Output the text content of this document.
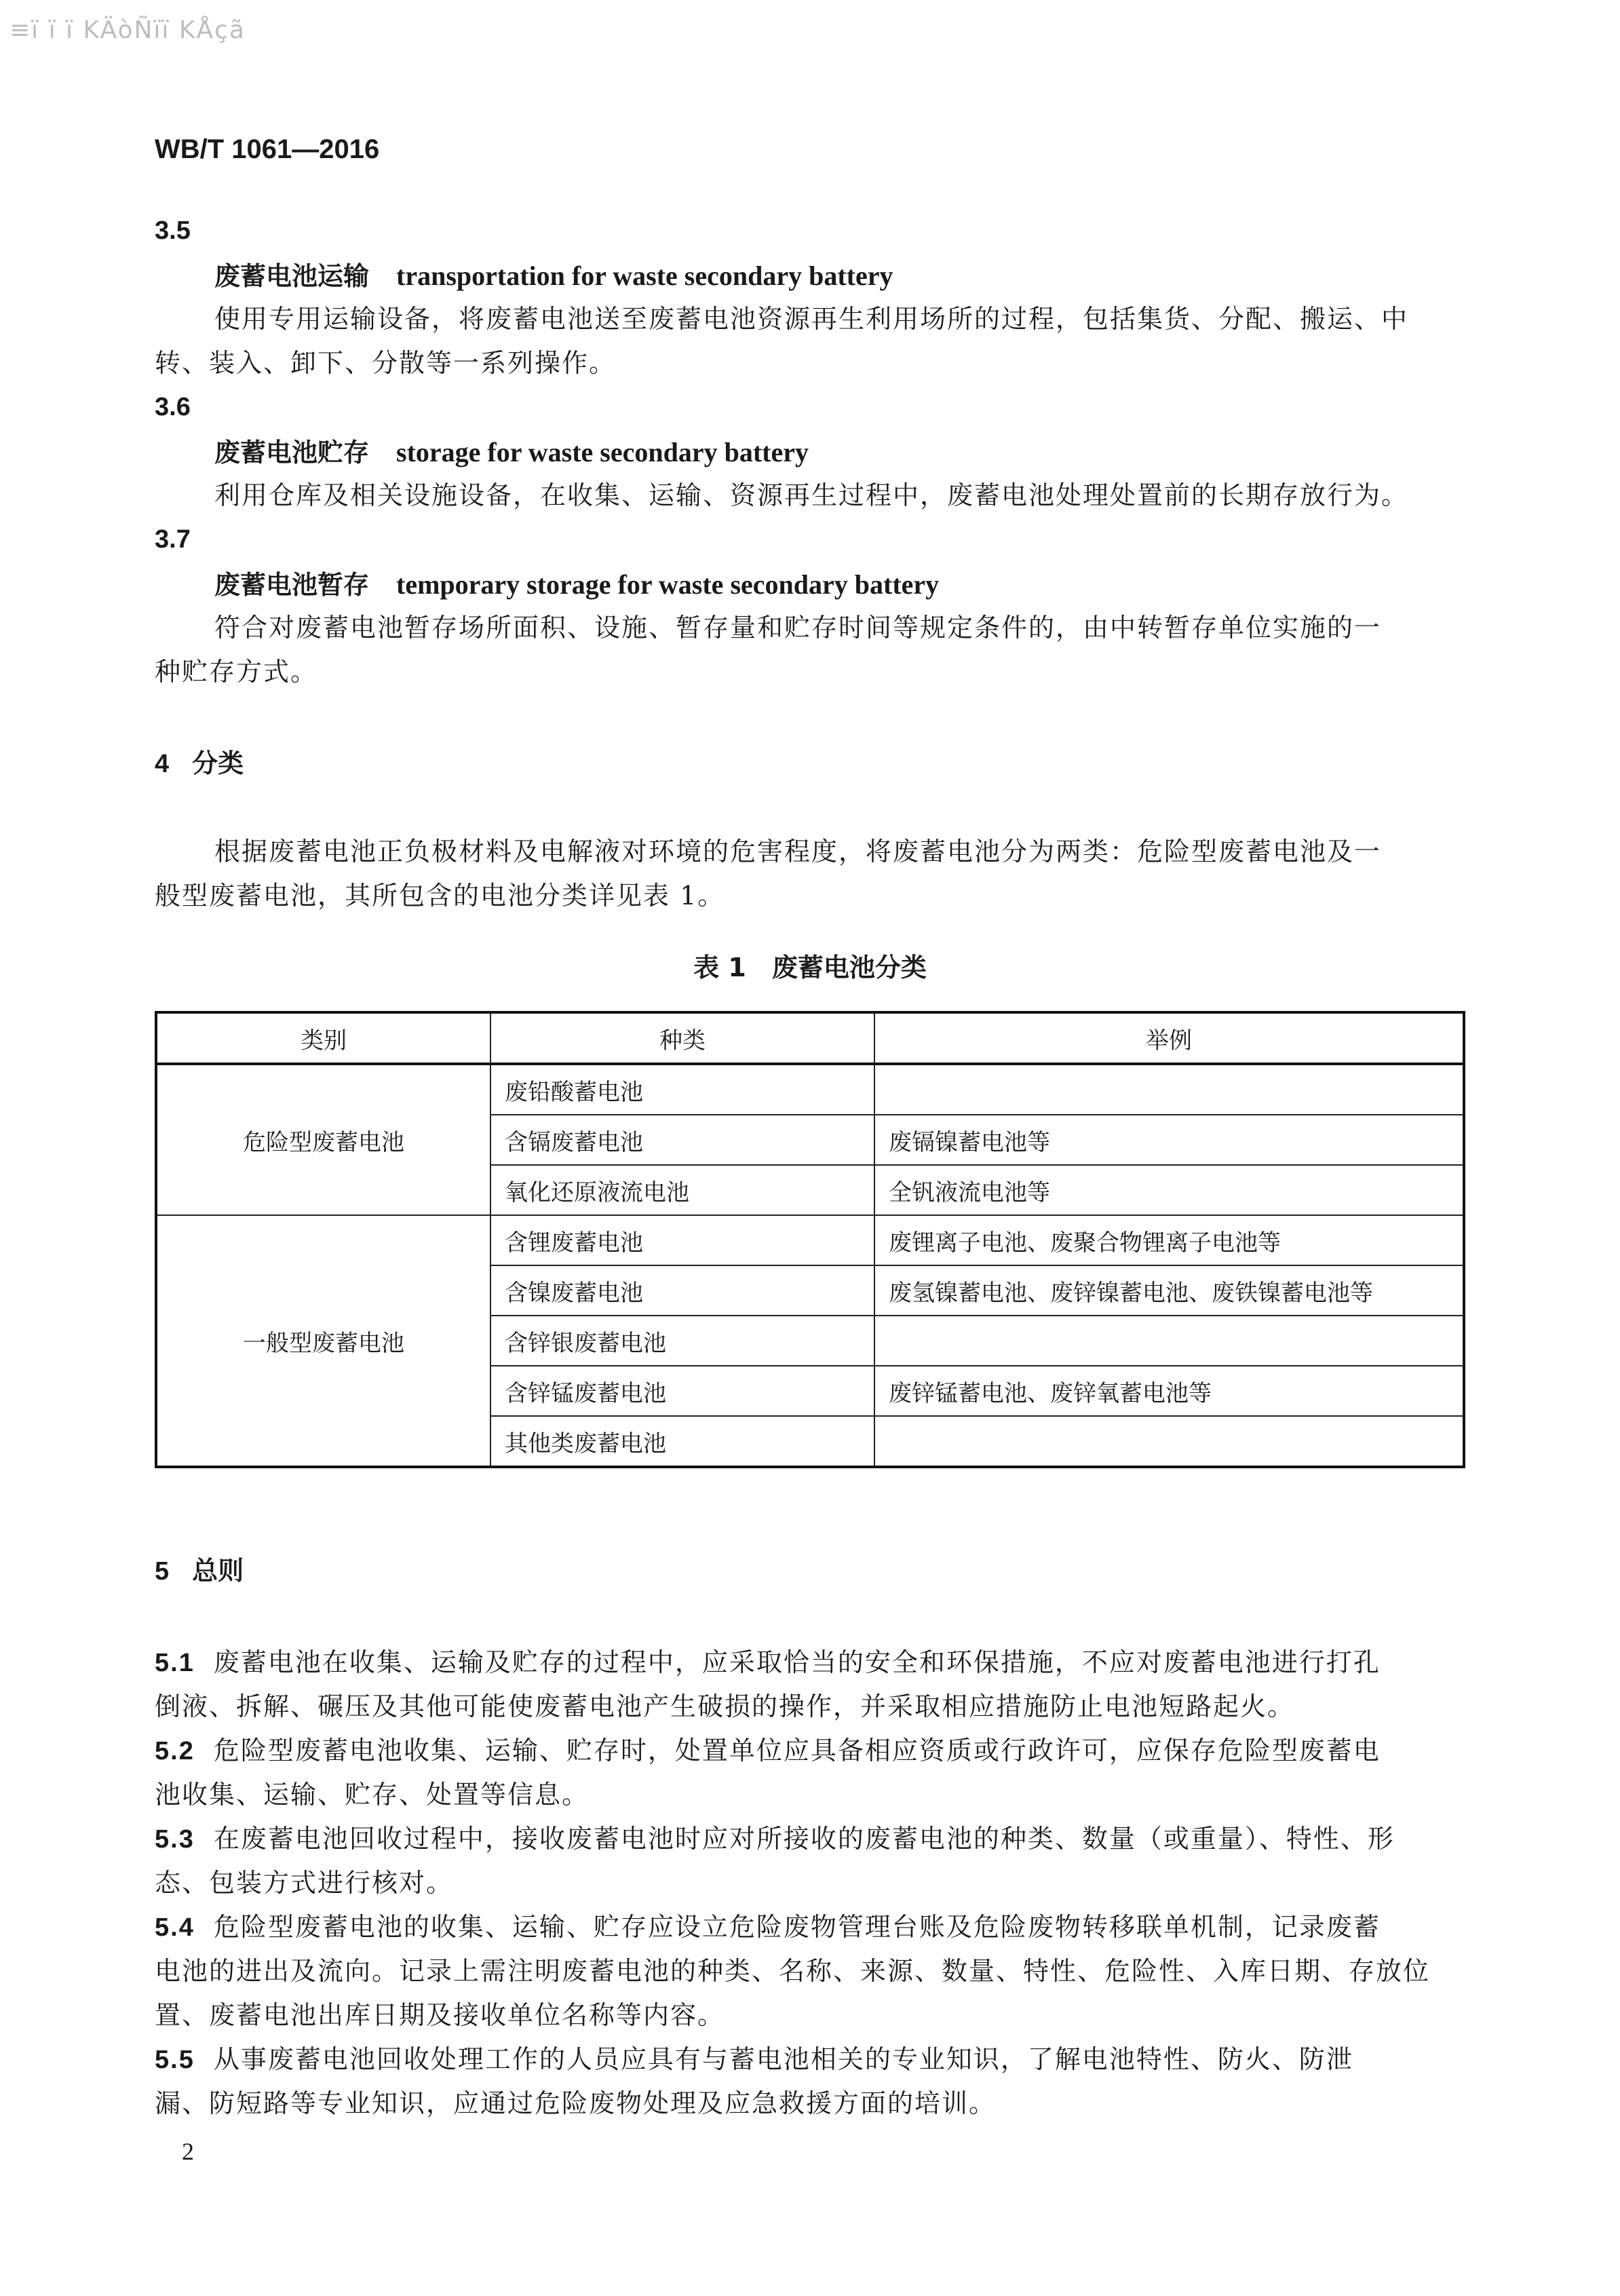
≡ï ï ï KÄòÑïï KÅçã
WB/T 1061—2016
3.5
废蓄电池运输 transportation for waste secondary battery
使用专用运输设备，将废蓄电池送至废蓄电池资源再生利用场所的过程，包括集货、分配、搬运、中
转、装入、卸下、分散等一系列操作。
3.6
废蓄电池贮存 storage for waste secondary battery
利用仓库及相关设施设备，在收集、运输、资源再生过程中，废蓄电池处理处置前的长期存放行为。
3.7
废蓄电池暂存 temporary storage for waste secondary battery
符合对废蓄电池暂存场所面积、设施、暂存量和贮存时间等规定条件的，由中转暂存单位实施的一
种贮存方式。
4 分类
根据废蓄电池正负极材料及电解液对环境的危害程度，将废蓄电池分为两类：危险型废蓄电池及一
般型废蓄电池，其所包含的电池分类详见表 1。
表 1　废蓄电池分类
类别	种类	举例
危险型废蓄电池	废铅酸蓄电池	
	含镉废蓄电池	废镉镍蓄电池等
	氧化还原液流电池	全钒液流电池等
一般型废蓄电池	含锂废蓄电池	废锂离子电池、废聚合物锂离子电池等
	含镍废蓄电池	废氢镍蓄电池、废锌镍蓄电池、废铁镍蓄电池等
	含锌银废蓄电池	
	含锌锰废蓄电池	废锌锰蓄电池、废锌氧蓄电池等
	其他类废蓄电池	
5 总则
5.1 废蓄电池在收集、运输及贮存的过程中，应采取恰当的安全和环保措施，不应对废蓄电池进行打孔
倒液、拆解、碾压及其他可能使废蓄电池产生破损的操作，并采取相应措施防止电池短路起火。
5.2 危险型废蓄电池收集、运输、贮存时，处置单位应具备相应资质或行政许可，应保存危险型废蓄电
池收集、运输、贮存、处置等信息。
5.3 在废蓄电池回收过程中，接收废蓄电池时应对所接收的废蓄电池的种类、数量（或重量）、特性、形
态、包装方式进行核对。
5.4 危险型废蓄电池的收集、运输、贮存应设立危险废物管理台账及危险废物转移联单机制，记录废蓄
电池的进出及流向。记录上需注明废蓄电池的种类、名称、来源、数量、特性、危险性、入库日期、存放位
置、废蓄电池出库日期及接收单位名称等内容。
5.5 从事废蓄电池回收处理工作的人员应具有与蓄电池相关的专业知识，了解电池特性、防火、防泄
漏、防短路等专业知识，应通过危险废物处理及应急救援方面的培训。
2
